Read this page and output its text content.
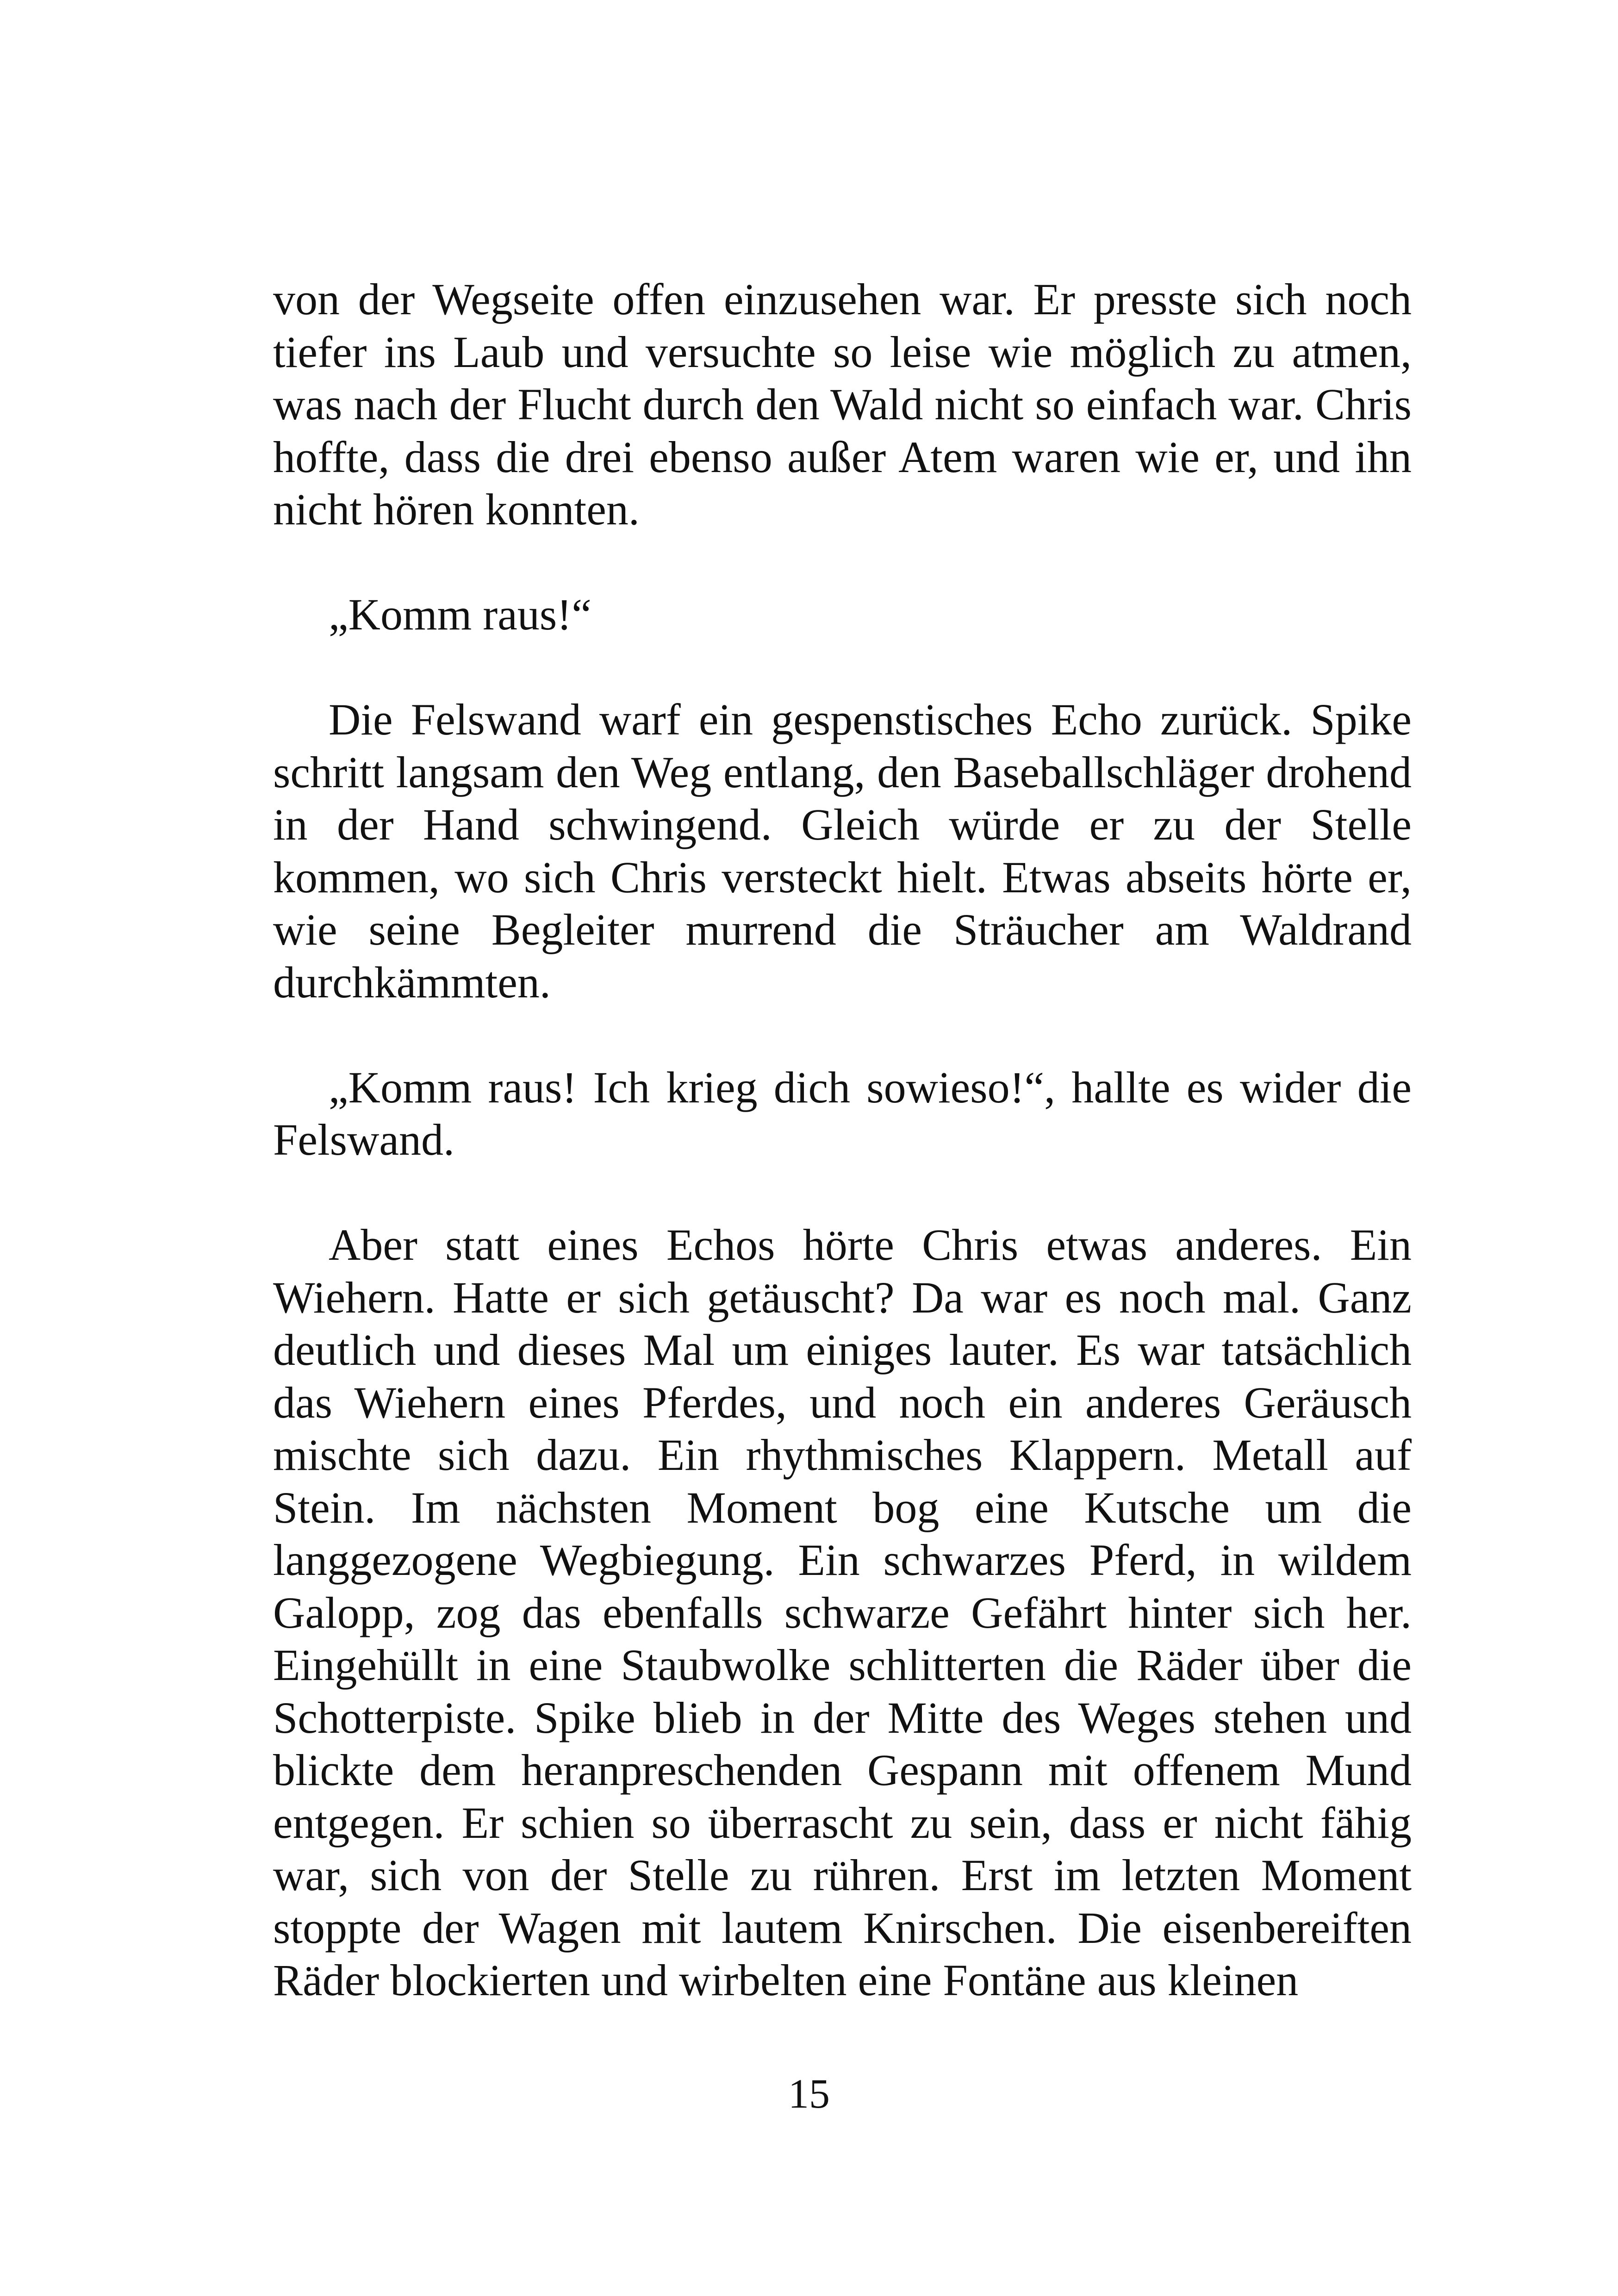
von der Wegseite offen einzusehen war. Er presste sich noch tiefer ins Laub und versuchte so leise wie möglich zu atmen, was nach der Flucht durch den Wald nicht so einfach war. Chris hoffte, dass die drei ebenso außer Atem waren wie er, und ihn nicht hören konnten.

„Komm raus!“

Die Felswand warf ein gespenstisches Echo zurück. Spike schritt langsam den Weg entlang, den Baseballschläger drohend in der Hand schwingend. Gleich würde er zu der Stelle kommen, wo sich Chris versteckt hielt. Etwas abseits hörte er, wie seine Begleiter murrend die Sträucher am Waldrand durchkämmten.

„Komm raus! Ich krieg dich sowieso!“, hallte es wider die Felswand.

Aber statt eines Echos hörte Chris etwas anderes. Ein Wiehern. Hatte er sich getäuscht? Da war es noch mal. Ganz deutlich und dieses Mal um einiges lauter. Es war tatsächlich das Wiehern eines Pferdes, und noch ein anderes Geräusch mischte sich dazu. Ein rhythmisches Klappern. Metall auf Stein. Im nächsten Moment bog eine Kutsche um die langgezogene Wegbiegung. Ein schwarzes Pferd, in wildem Galopp, zog das ebenfalls schwarze Gefährt hinter sich her. Eingehüllt in eine Staubwolke schlitterten die Räder über die Schotterpiste. Spike blieb in der Mitte des Weges stehen und blickte dem heranpreschenden Gespann mit offenem Mund entgegen. Er schien so überrascht zu sein, dass er nicht fähig war, sich von der Stelle zu rühren. Erst im letzten Moment stoppte der Wagen mit lautem Knirschen. Die eisenbereiften Räder blockierten und wirbelten eine Fontäne aus kleinen

15
